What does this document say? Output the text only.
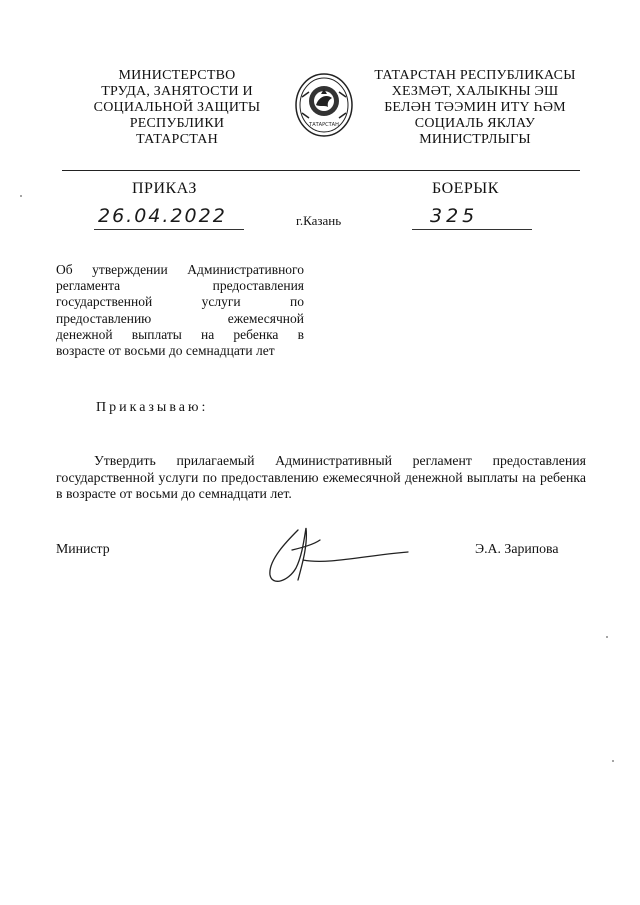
МИНИСТЕРСТВО
ТРУДА, ЗАНЯТОСТИ И
СОЦИАЛЬНОЙ ЗАЩИТЫ
РЕСПУБЛИКИ
ТАТАРСТАН
ТАТАРСТАН
ТАТАРСТАН РЕСПУБЛИКАСЫ
ХЕЗМӘТ, ХАЛЫКНЫ ЭШ
БЕЛӘН ТӘЭМИН ИТҮ ҺӘМ
СОЦИАЛЬ ЯКЛАУ
МИНИСТРЛЫГЫ
ПРИКАЗ	БОЕРЫК
26.04.2022	г.Казань	325
Об утверждении Административного
регламента предоставления
государственной услуги по
предоставлению ежемесячной
денежной выплаты на ребенка в
возрасте от восьми до семнадцати лет
Приказываю:
Утвердить прилагаемый Административный регламент предоставления государственной услуги по предоставлению ежемесячной денежной выплаты на ребенка в возрасте от восьми до семнадцати лет.
Министр	Э.А. Зарипова
